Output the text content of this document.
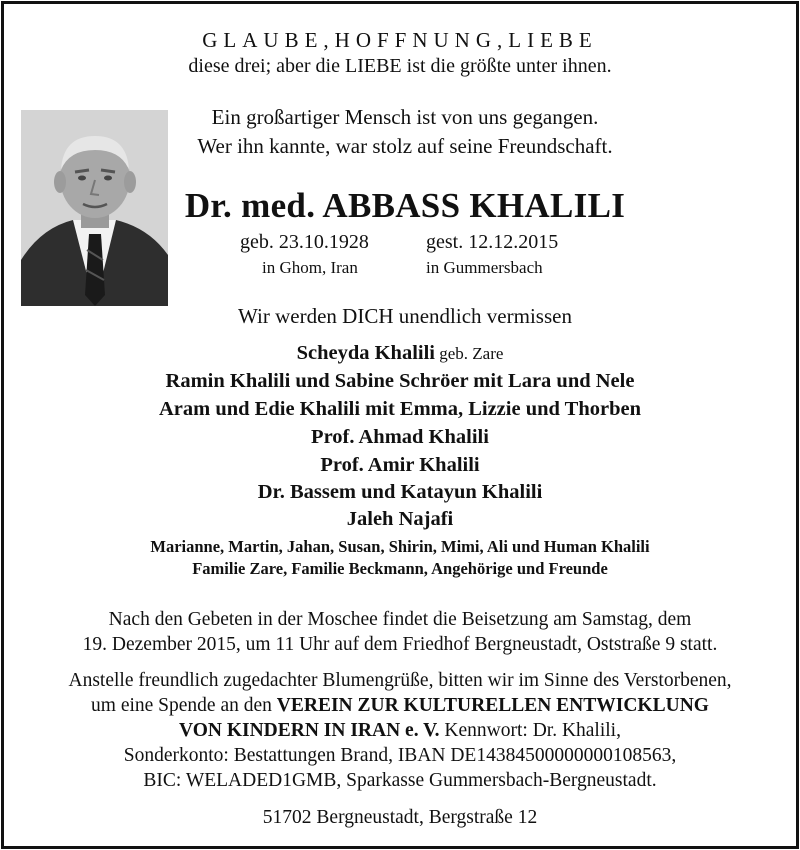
GLAUBE,HOFFNUNG,LIEBE
diese drei; aber die LIEBE ist die größte unter ihnen.
Ein großartiger Mensch ist von uns gegangen.
Wer ihn kannte, war stolz auf seine Freundschaft.
Dr. med. ABBASS KHALILI
geb. 23.10.1928	gest. 12.12.2015
in Ghom, Iran	in Gummersbach
Wir werden DICH unendlich vermissen
Scheyda Khalili geb. Zare
Ramin Khalili und Sabine Schröer mit Lara und Nele
Aram und Edie Khalili mit Emma, Lizzie und Thorben
Prof. Ahmad Khalili
Prof. Amir Khalili
Dr. Bassem und Katayun Khalili
Jaleh Najafi
Marianne, Martin, Jahan, Susan, Shirin, Mimi, Ali und Human Khalili
Familie Zare, Familie Beckmann, Angehörige und Freunde
Nach den Gebeten in der Moschee findet die Beisetzung am Samstag, dem
19. Dezember 2015, um 11 Uhr auf dem Friedhof Bergneustadt, Oststraße 9 statt.
Anstelle freundlich zugedachter Blumengrüße, bitten wir im Sinne des Verstorbenen,
um eine Spende an den VEREIN ZUR KULTURELLEN ENTWICKLUNG
VON KINDERN IN IRAN e. V. Kennwort: Dr. Khalili,
Sonderkonto: Bestattungen Brand, IBAN DE14384500000000108563,
BIC: WELADED1GMB, Sparkasse Gummersbach-Bergneustadt.
51702 Bergneustadt, Bergstraße 12
